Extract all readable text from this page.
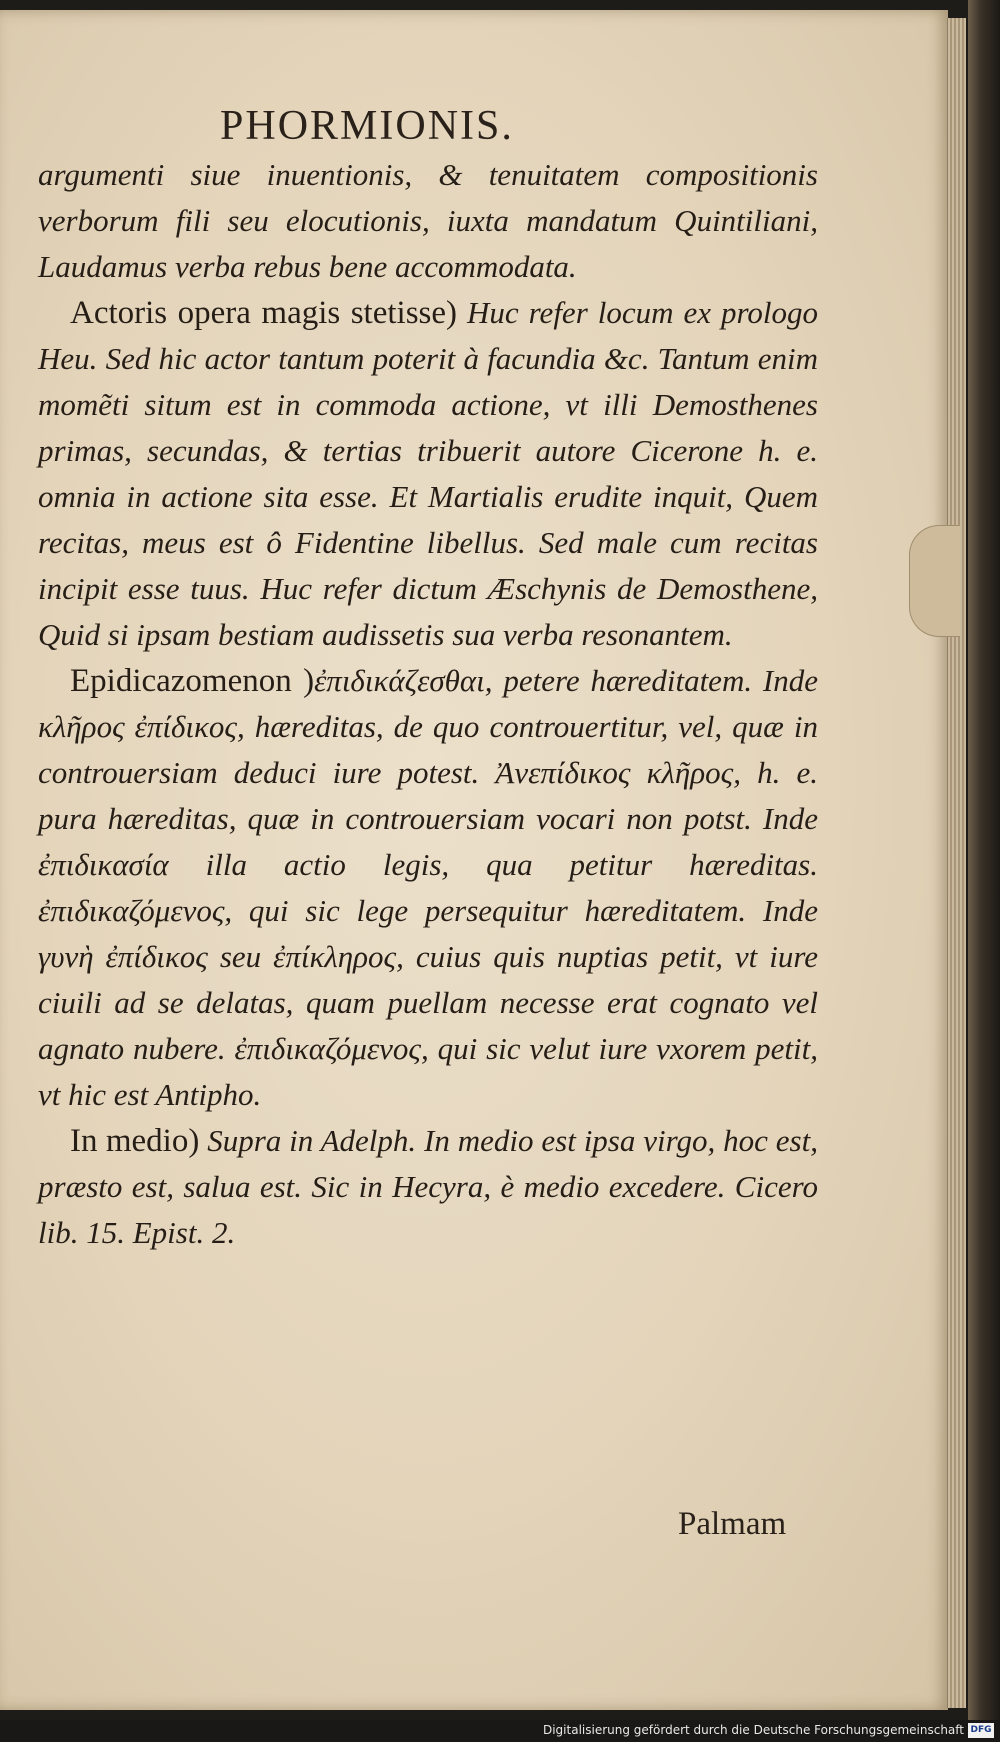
PHORMIONIS.

argumenti siue inuentionis, & tenuitatem compositionis verborum fili seu elocutionis, iuxta mandatum Quintiliani, Laudamus verba rebus bene accommodata.

Actoris opera magis stetisse) Huc refer locum ex prologo Heu. Sed hic actor tantum poterit à facundia &c. Tantum enim momẽti situm est in commoda actione, vt illi Demosthenes primas, secundas, & tertias tribuerit autore Cicerone h. e. omnia in actione sita esse. Et Martialis erudite inquit, Quem recitas, meus est ô Fidentine libellus. Sed male cum recitas incipit esse tuus. Huc refer dictum Æschynis de Demosthene, Quid si ipsam bestiam audissetis sua verba resonantem.

Epidicazomenon )ἐπιδικάζεσθαι, petere hæreditatem. Inde κλῆρος ἐπίδικος, hæreditas, de quo controuertitur, vel, quæ in controuersiam deduci iure potest. Ἀνεπίδικος κλῆρος, h. e. pura hæreditas, quæ in controuersiam vocari non potst. Inde ἐπιδικασία illa actio legis, qua petitur hæreditas. ἐπιδικαζόμενος, qui sic lege persequitur hæreditatem. Inde γυνὴ ἐπίδικος seu ἐπίκληρος, cuius quis nuptias petit, vt iure ciuili ad se delatas, quam puellam necesse erat cognato vel agnato nubere. ἐπιδικαζόμενος, qui sic velut iure vxorem petit, vt hic est Antipho.

In medio) Supra in Adelph. In medio est ipsa virgo, hoc est, præsto est, salua est. Sic in Hecyra, è medio excedere. Cicero lib. 15. Epist. 2.

Palmam
Digitalisierung gefördert durch die Deutsche Forschungsgemeinschaft DFG
